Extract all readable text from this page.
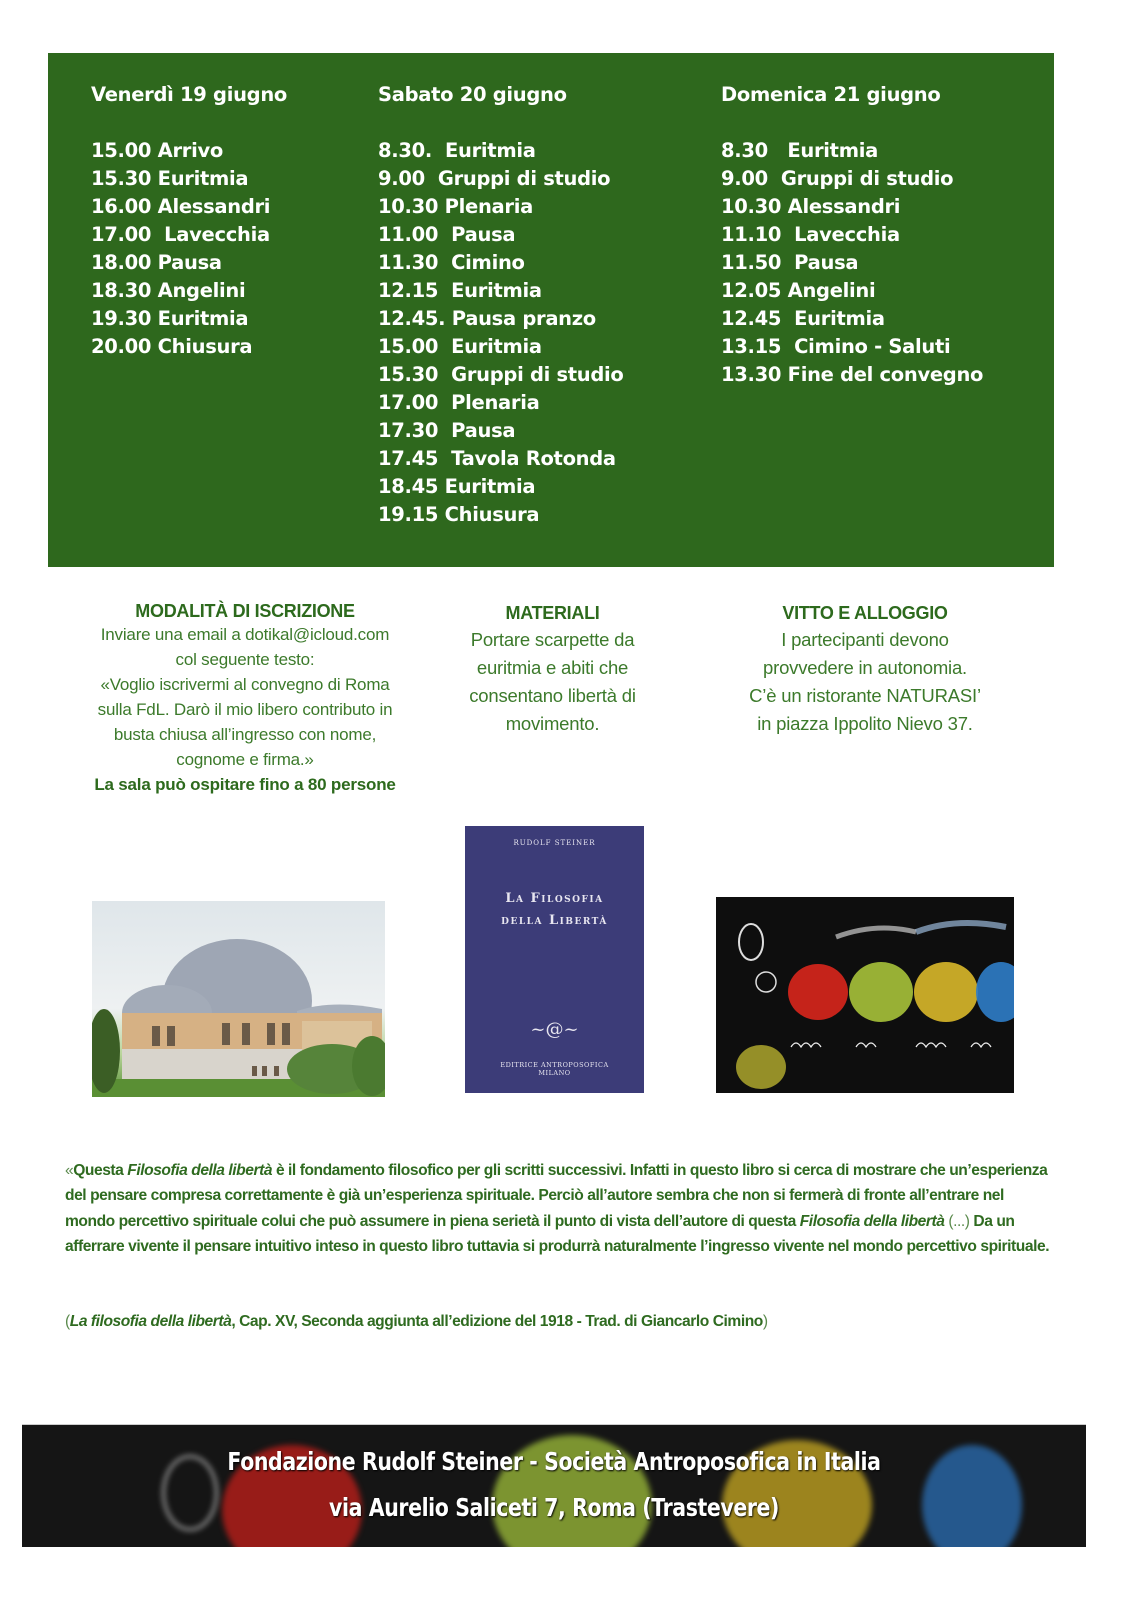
Venerdì 19 giugno
15.00 Arrivo
15.30 Euritmia
16.00 Alessandri
17.00  Lavecchia
18.00 Pausa
18.30 Angelini
19.30 Euritmia
20.00 Chiusura
Sabato 20 giugno
8.30.  Euritmia
9.00  Gruppi di studio
10.30 Plenaria
11.00  Pausa
11.30  Cimino
12.15  Euritmia
12.45. Pausa pranzo
15.00  Euritmia
15.30  Gruppi di studio
17.00  Plenaria
17.30  Pausa
17.45  Tavola Rotonda
18.45 Euritmia
19.15 Chiusura
Domenica 21 giugno
8.30   Euritmia
9.00  Gruppi di studio
10.30 Alessandri
11.10  Lavecchia
11.50  Pausa
12.05 Angelini
12.45  Euritmia
13.15  Cimino - Saluti
13.30 Fine del convegno
MODALITÀ DI ISCRIZIONE

Inviare una email a dotikal@icloud.com

col seguente testo:

«Voglio iscrivermi al convegno di Roma

sulla FdL. Darò il mio libero contributo in

busta chiusa all’ingresso con nome,

cognome e firma.»

La sala può ospitare fino a 80 persone

MATERIALI

Portare scarpette da

euritmia e abiti che

consentano libertà di

movimento.

VITTO E ALLOGGIO

I partecipanti devono

provvedere in autonomia.

C’è un ristorante NATURASI’

in piazza Ippolito Nievo 37.

RUDOLF STEINER
La Filosofia
della Libertà
~@~
EDITRICE ANTROPOSOFICA
MILANO
«Questa Filosofia della libertà è il fondamento filosofico per gli scritti successivi. Infatti in questo libro si cerca di mostrare che un’esperienza del pensare compresa correttamente è già un’esperienza spirituale. Perciò all’autore sembra che non si fermerà di fronte all’entrare nel mondo percettivo spirituale colui che può assumere in piena serietà il punto di vista dell’autore di questa Filosofia della libertà (...) Da un afferrare vivente il pensare intuitivo inteso in questo libro tuttavia si produrrà naturalmente l’ingresso vivente nel mondo percettivo spirituale.
(La filosofia della libertà, Cap. XV, Seconda aggiunta all’edizione del 1918 - Trad. di Giancarlo Cimino)
Fondazione Rudolf Steiner - Società Antroposofica in Italia
via Aurelio Saliceti 7, Roma (Trastevere)
